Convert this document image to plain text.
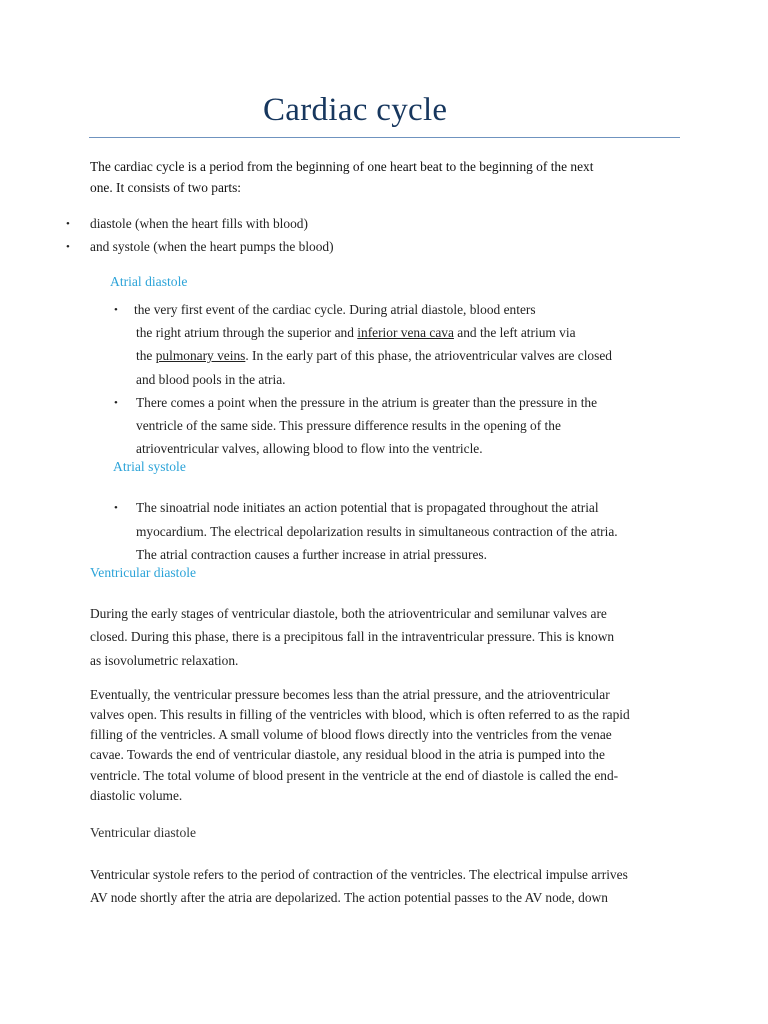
Cardiac cycle
The cardiac cycle is a period from the beginning of one heart beat to the beginning of the next
one. It consists of two parts:
• diastole (when the heart fills with blood)
• and systole (when the heart pumps the blood)
Atrial diastole
• the very first event of the cardiac cycle. During atrial diastole, blood enters
the right atrium through the superior and inferior vena cava and the left atrium via
the pulmonary veins. In the early part of this phase, the atrioventricular valves are closed
and blood pools in the atria.
• There comes a point when the pressure in the atrium is greater than the pressure in the
ventricle of the same side. This pressure difference results in the opening of the
atrioventricular valves, allowing blood to flow into the ventricle.
Atrial systole
• The sinoatrial node initiates an action potential that is propagated throughout the atrial
myocardium. The electrical depolarization results in simultaneous contraction of the atria.
The atrial contraction causes a further increase in atrial pressures.
Ventricular diastole
During the early stages of ventricular diastole, both the atrioventricular and semilunar valves are
closed. During this phase, there is a precipitous fall in the intraventricular pressure. This is known
as isovolumetric relaxation.
Eventually, the ventricular pressure becomes less than the atrial pressure, and the atrioventricular
valves open. This results in filling of the ventricles with blood, which is often referred to as the rapid
filling of the ventricles. A small volume of blood flows directly into the ventricles from the venae
cavae. Towards the end of ventricular diastole, any residual blood in the atria is pumped into the
ventricle. The total volume of blood present in the ventricle at the end of diastole is called the end-
diastolic volume.
Ventricular diastole
Ventricular systole refers to the period of contraction of the ventricles. The electrical impulse arrives
AV node shortly after the atria are depolarized. The action potential passes to the AV node, down
